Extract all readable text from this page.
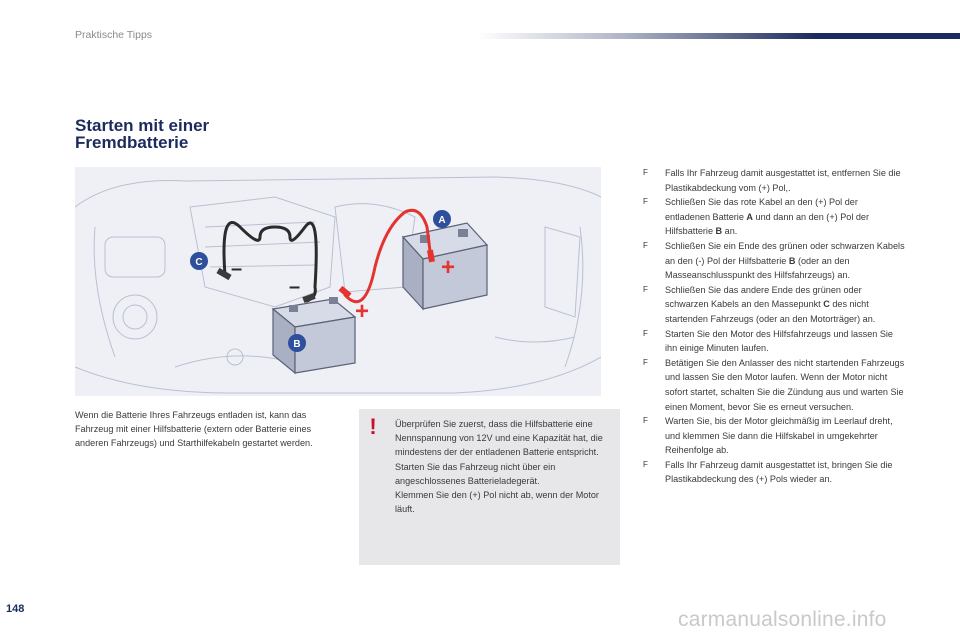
Praktische Tipps
Starten mit einer
Fremdbatterie
–
–
+
+
A
B
C
Wenn die Batterie Ihres Fahrzeugs entladen ist, kann das Fahrzeug mit einer Hilfsbatterie (extern oder Batterie eines anderen Fahrzeugs) und Starthilfekabeln gestartet werden.
! Überprüfen Sie zuerst, dass die Hilfsbatterie eine Nennspannung von 12V und eine Kapazität hat, die mindestens der der entladenen Batterie entspricht.
Starten Sie das Fahrzeug nicht über ein angeschlossenes Batterieladegerät.
Klemmen Sie den (+) Pol nicht ab, wenn der Motor läuft.
F	Falls Ihr Fahrzeug damit ausgestattet ist, entfernen Sie die Plastikabdeckung vom (+) Pol,.
F	Schließen Sie das rote Kabel an den (+) Pol der entladenen Batterie A und dann an den (+) Pol der Hilfsbatterie B an.
F	Schließen Sie ein Ende des grünen oder schwarzen Kabels an den (-) Pol der Hilfsbatterie B (oder an den Masseanschlusspunkt des Hilfsfahrzeugs) an.
F	Schließen Sie das andere Ende des grünen oder schwarzen Kabels an den Massepunkt C des nicht startenden Fahrzeugs (oder an den Motorträger) an.
F	Starten Sie den Motor des Hilfsfahrzeugs und lassen Sie ihn einige Minuten laufen.
F	Betätigen Sie den Anlasser des nicht startenden Fahrzeugs und lassen Sie den Motor laufen. Wenn der Motor nicht sofort startet, schalten Sie die Zündung aus und warten Sie einen Moment, bevor Sie es erneut versuchen.
F	Warten Sie, bis der Motor gleichmäßig im Leerlauf dreht, und klemmen Sie dann die Hilfskabel in umgekehrter Reihenfolge ab.
F	Falls Ihr Fahrzeug damit ausgestattet ist, bringen Sie die Plastikabdeckung des (+) Pols wieder an.
148	carmanualsonline.info
